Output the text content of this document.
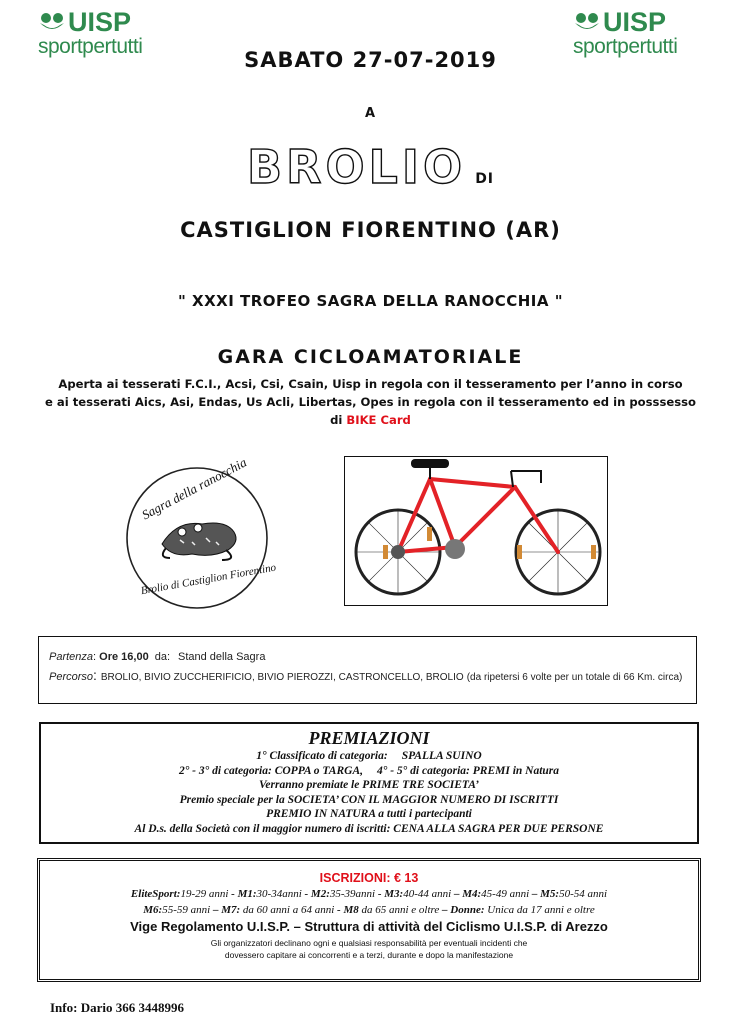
UISP
sportpertutti
UISP
sportpertutti
SABATO 27-07-2019
A
BROLIO DI
CASTIGLION FIORENTINO (AR)
" XXXI TROFEO SAGRA DELLA RANOCCHIA "
GARA CICLOAMATORIALE
Aperta ai tesserati F.C.I., Acsi, Csi, Csain, Uisp in regola con il tesseramento per l’anno in corso
e ai tesserati Aics, Asi, Endas, Us Acli, Libertas, Opes in regola con il tesseramento ed in posssesso
di BIKE Card
Sagra della ranocchia
Brolio di Castiglion Fiorentino
Partenza: Ore 16,00 da: Stand della Sagra
Percorso: BROLIO, BIVIO ZUCCHERIFICIO, BIVIO PIEROZZI, CASTRONCELLO, BROLIO (da ripetersi 6 volte per un totale di 66 Km. circa)
PREMIAZIONI
1° Classificato di categoria: SPALLA SUINO
2° - 3° di categoria: COPPA o TARGA, 4° - 5° di categoria: PREMI in Natura
Verranno premiate le PRIME TRE SOCIETA’
Premio speciale per la SOCIETA’ CON IL MAGGIOR NUMERO DI ISCRITTI
PREMIO IN NATURA a tutti i partecipanti
Al D.s. della Società con il maggior numero di iscritti: CENA ALLA SAGRA PER DUE PERSONE
ISCRIZIONI: € 13
EliteSport:19-29 anni - M1:30-34anni - M2:35-39anni - M3:40-44 anni – M4:45-49 anni – M5:50-54 anni
M6:55-59 anni – M7: da 60 anni a 64 anni - M8 da 65 anni e oltre – Donne: Unica da 17 anni e oltre
Vige Regolamento U.I.S.P. – Struttura di attività del Ciclismo U.I.S.P. di Arezzo
Gli organizzatori declinano ogni e qualsiasi responsabilità per eventuali incidenti che
dovessero capitare ai concorrenti e a terzi, durante e dopo la manifestazione
Info: Dario 366 3448996
